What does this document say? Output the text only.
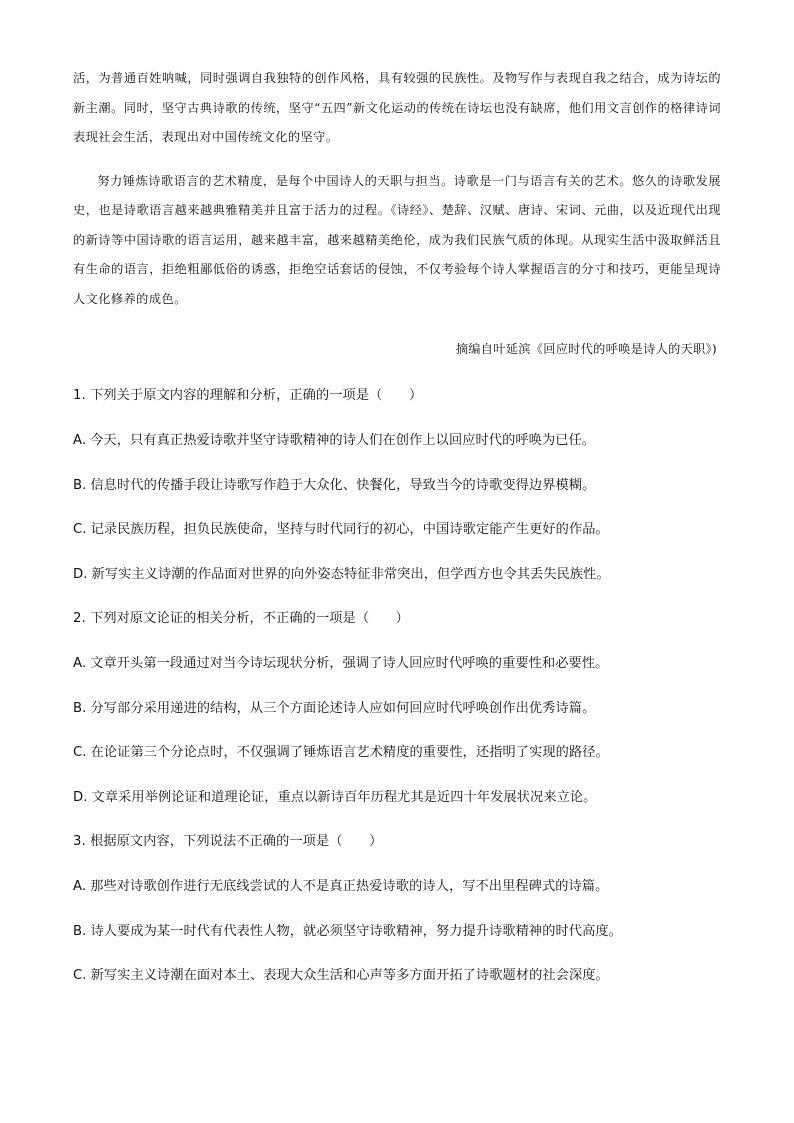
活，为普通百姓呐喊，同时强调自我独特的创作风格，具有较强的民族性。及物写作与表现自我之结合，成为诗坛的新主潮。同时，坚守古典诗歌的传统，坚守“五四”新文化运动的传统在诗坛也没有缺席，他们用文言创作的格律诗词表现社会生活，表现出对中国传统文化的坚守。

努力锤炼诗歌语言的艺术精度，是每个中国诗人的天职与担当。诗歌是一门与语言有关的艺术。悠久的诗歌发展史，也是诗歌语言越来越典雅精美并且富于活力的过程。《诗经》、楚辞、汉赋、唐诗、宋词、元曲，以及近现代出现的新诗等中国诗歌的语言运用，越来越丰富，越来越精美绝伦，成为我们民族气质的体现。从现实生活中汲取鲜活且有生命的语言，拒绝粗鄙低俗的诱惑，拒绝空话套话的侵蚀，不仅考验每个诗人掌握语言的分寸和技巧，更能呈现诗人文化修养的成色。

摘编自叶延滨《回应时代的呼唤是诗人的天职》)
1. 下列关于原文内容的理解和分析，正确的一项是（　　）
A. 今天，只有真正热爱诗歌并坚守诗歌精神的诗人们在创作上以回应时代的呼唤为已任。
B. 信息时代的传播手段让诗歌写作趋于大众化、快餐化，导致当今的诗歌变得边界模糊。
C. 记录民族历程，担负民族使命，坚持与时代同行的初心，中国诗歌定能产生更好的作品。
D. 新写实主义诗潮的作品面对世界的向外姿态特征非常突出，但学西方也令其丢失民族性。
2. 下列对原文论证的相关分析，不正确的一项是（　　）
A. 文章开头第一段通过对当今诗坛现状分析，强调了诗人回应时代呼唤的重要性和必要性。
B. 分写部分采用递进的结构，从三个方面论述诗人应如何回应时代呼唤创作出优秀诗篇。
C. 在论证第三个分论点时，不仅强调了锤炼语言艺术精度的重要性，还指明了实现的路径。
D. 文章采用举例论证和道理论证，重点以新诗百年历程尤其是近四十年发展状况来立论。
3. 根据原文内容，下列说法不正确的一项是（　　）
A. 那些对诗歌创作进行无底线尝试的人不是真正热爱诗歌的诗人，写不出里程碑式的诗篇。
B. 诗人要成为某一时代有代表性人物，就必须坚守诗歌精神，努力提升诗歌精神的时代高度。
C. 新写实主义诗潮在面对本土、表现大众生活和心声等多方面开拓了诗歌题材的社会深度。
